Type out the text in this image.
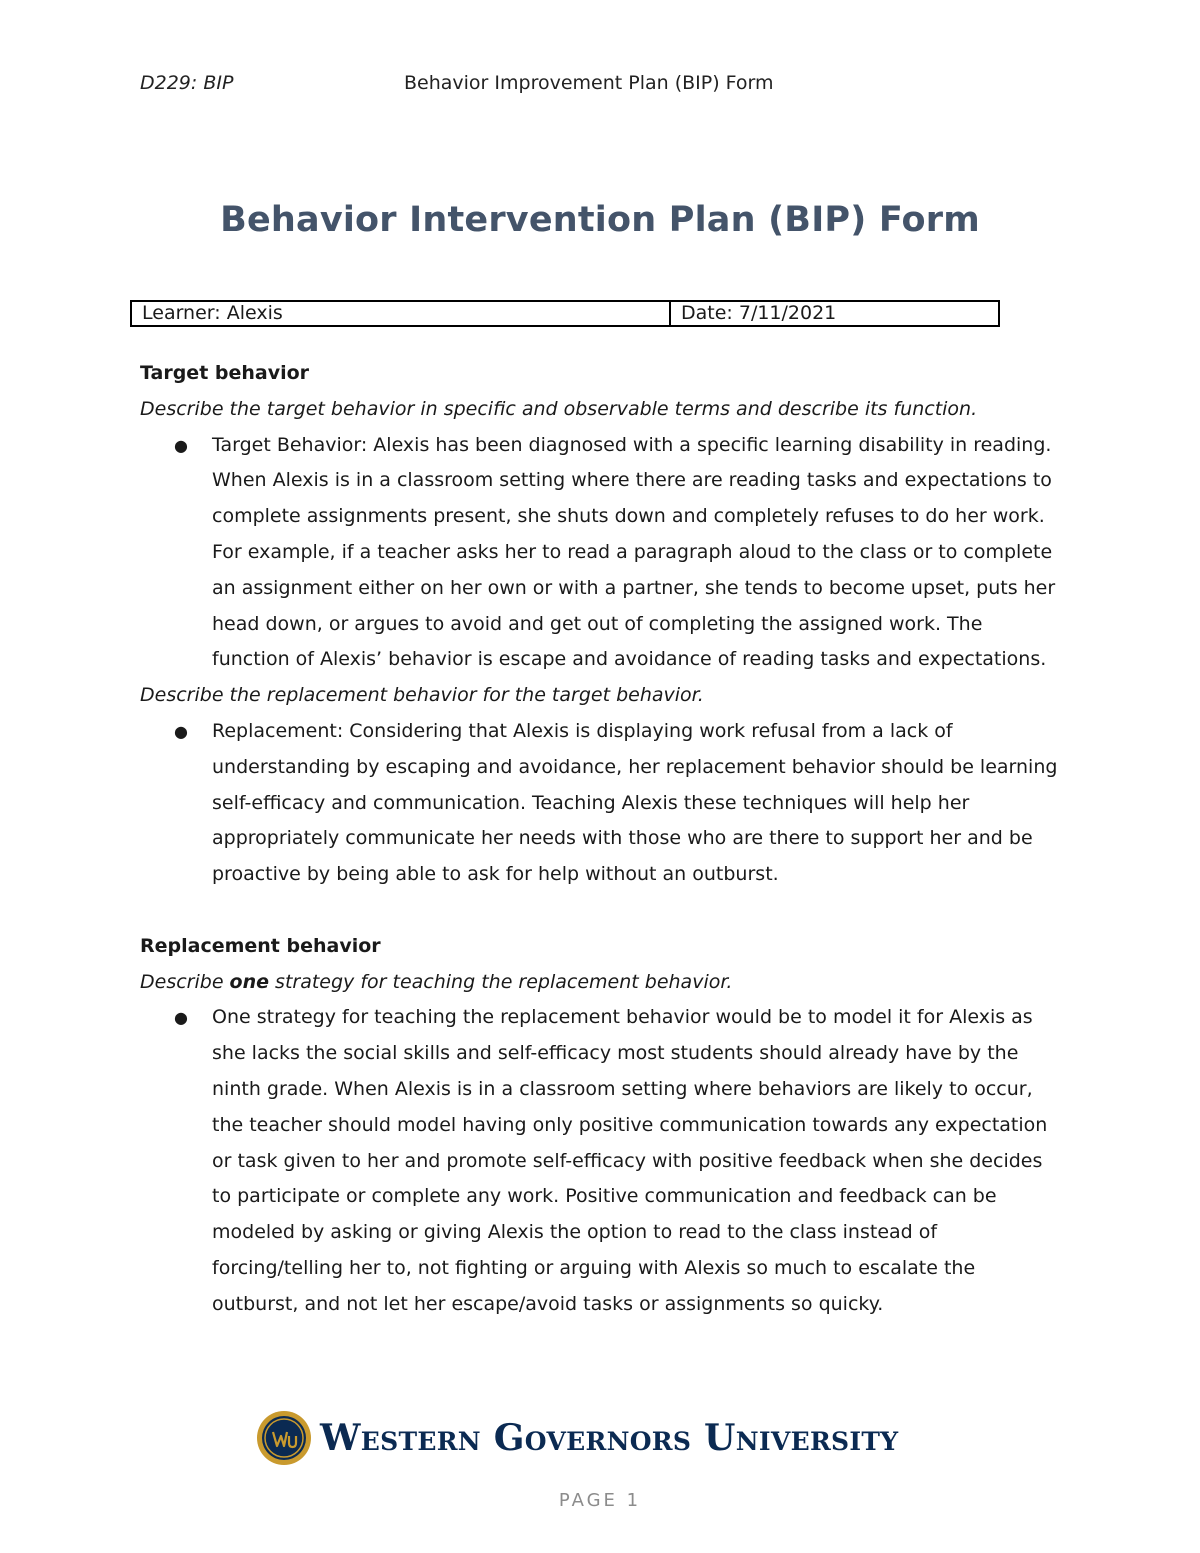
D229: BIP	Behavior Improvement Plan (BIP) Form
Behavior Intervention Plan (BIP) Form
Learner: Alexis	Date: 7/11/2021

Target behavior

Describe the target behavior in specific and observable terms and describe its function.

● Target Behavior: Alexis has been diagnosed with a specific learning disability in reading. When Alexis is in a classroom setting where there are reading tasks and expectations to complete assignments present, she shuts down and completely refuses to do her work. For example, if a teacher asks her to read a paragraph aloud to the class or to complete an assignment either on her own or with a partner, she tends to become upset, puts her head down, or argues to avoid and get out of completing the assigned work. The function of Alexis’ behavior is escape and avoidance of reading tasks and expectations.

Describe the replacement behavior for the target behavior.

● Replacement: Considering that Alexis is displaying work refusal from a lack of understanding by escaping and avoidance, her replacement behavior should be learning self-efficacy and communication. Teaching Alexis these techniques will help her appropriately communicate her needs with those who are there to support her and be proactive by being able to ask for help without an outburst.

Replacement behavior

Describe one strategy for teaching the replacement behavior.

● One strategy for teaching the replacement behavior would be to model it for Alexis as she lacks the social skills and self-efficacy most students should already have by the ninth grade. When Alexis is in a classroom setting where behaviors are likely to occur, the teacher should model having only positive communication towards any expectation or task given to her and promote self-efficacy with positive feedback when she decides to participate or complete any work. Positive communication and feedback can be modeled by asking or giving Alexis the option to read to the class instead of forcing/telling her to, not fighting or arguing with Alexis so much to escalate the outburst, and not let her escape/avoid tasks or assignments so quicky.
Western Governors University
PAGE 1
